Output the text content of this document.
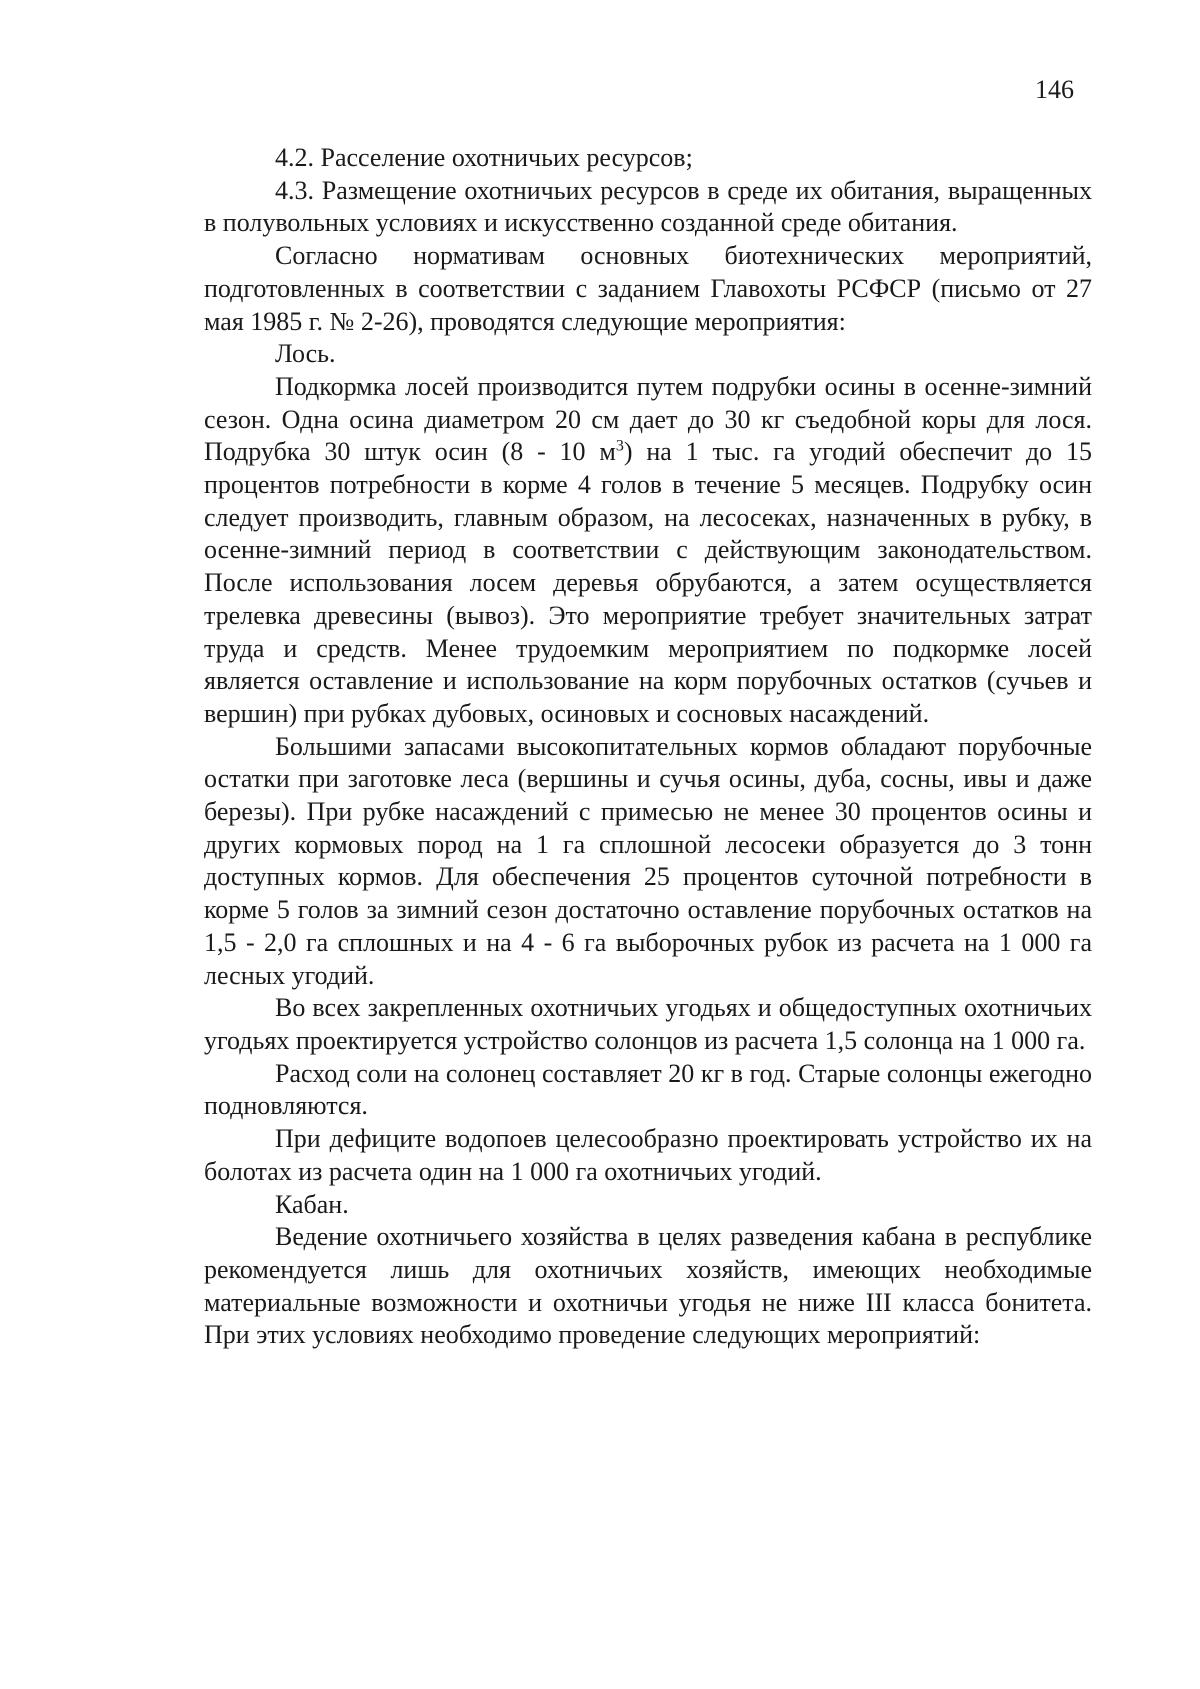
146

4.2. Расселение охотничьих ресурсов;

4.3. Размещение охотничьих ресурсов в среде их обитания, выращенных в полувольных условиях и искусственно созданной среде обитания.

Согласно нормативам основных биотехнических мероприятий, подготовленных в соответствии с заданием Главохоты РСФСР (письмо от 27 мая 1985 г. № 2-26), проводятся следующие мероприятия:

Лось.

Подкормка лосей производится путем подрубки осины в осенне-зимний сезон. Одна осина диаметром 20 см дает до 30 кг съедобной коры для лося. Подрубка 30 штук осин (8 - 10 $м^3$) на 1 тыс. га угодий обеспечит до 15 процентов потребности в корме 4 голов в течение 5 месяцев. Подрубку осин следует производить, главным образом, на лесосеках, назначенных в рубку, в осенне-зимний период в соответствии с действующим законодательством. После использования лосем деревья обрубаются, а затем осуществляется трелевка древесины (вывоз). Это мероприятие требует значительных затрат труда и средств. Менее трудоемким мероприятием по подкормке лосей является оставление и использование на корм порубочных остатков (сучьев и вершин) при рубках дубовых, осиновых и сосновых насаждений.

Большими запасами высокопитательных кормов обладают порубочные остатки при заготовке леса (вершины и сучья осины, дуба, сосны, ивы и даже березы). При рубке насаждений с примесью не менее 30 процентов осины и других кормовых пород на 1 га сплошной лесосеки образуется до 3 тонн доступных кормов. Для обеспечения 25 процентов суточной потребности в корме 5 голов за зимний сезон достаточно оставление порубочных остатков на 1,5 - 2,0 га сплошных и на 4 - 6 га выборочных рубок из расчета на 1 000 га лесных угодий.

Во всех закрепленных охотничьих угодьях и общедоступных охотничьих угодьях проектируется устройство солонцов из расчета 1,5 солонца на 1 000 га.

Расход соли на солонец составляет 20 кг в год. Старые солонцы ежегодно подновляются.

При дефиците водопоев целесообразно проектировать устройство их на болотах из расчета один на 1 000 га охотничьих угодий.

Кабан.

Ведение охотничьего хозяйства в целях разведения кабана в республике рекомендуется лишь для охотничьих хозяйств, имеющих необходимые материальные возможности и охотничьи угодья не ниже III класса бонитета. При этих условиях необходимо проведение следующих мероприятий:
